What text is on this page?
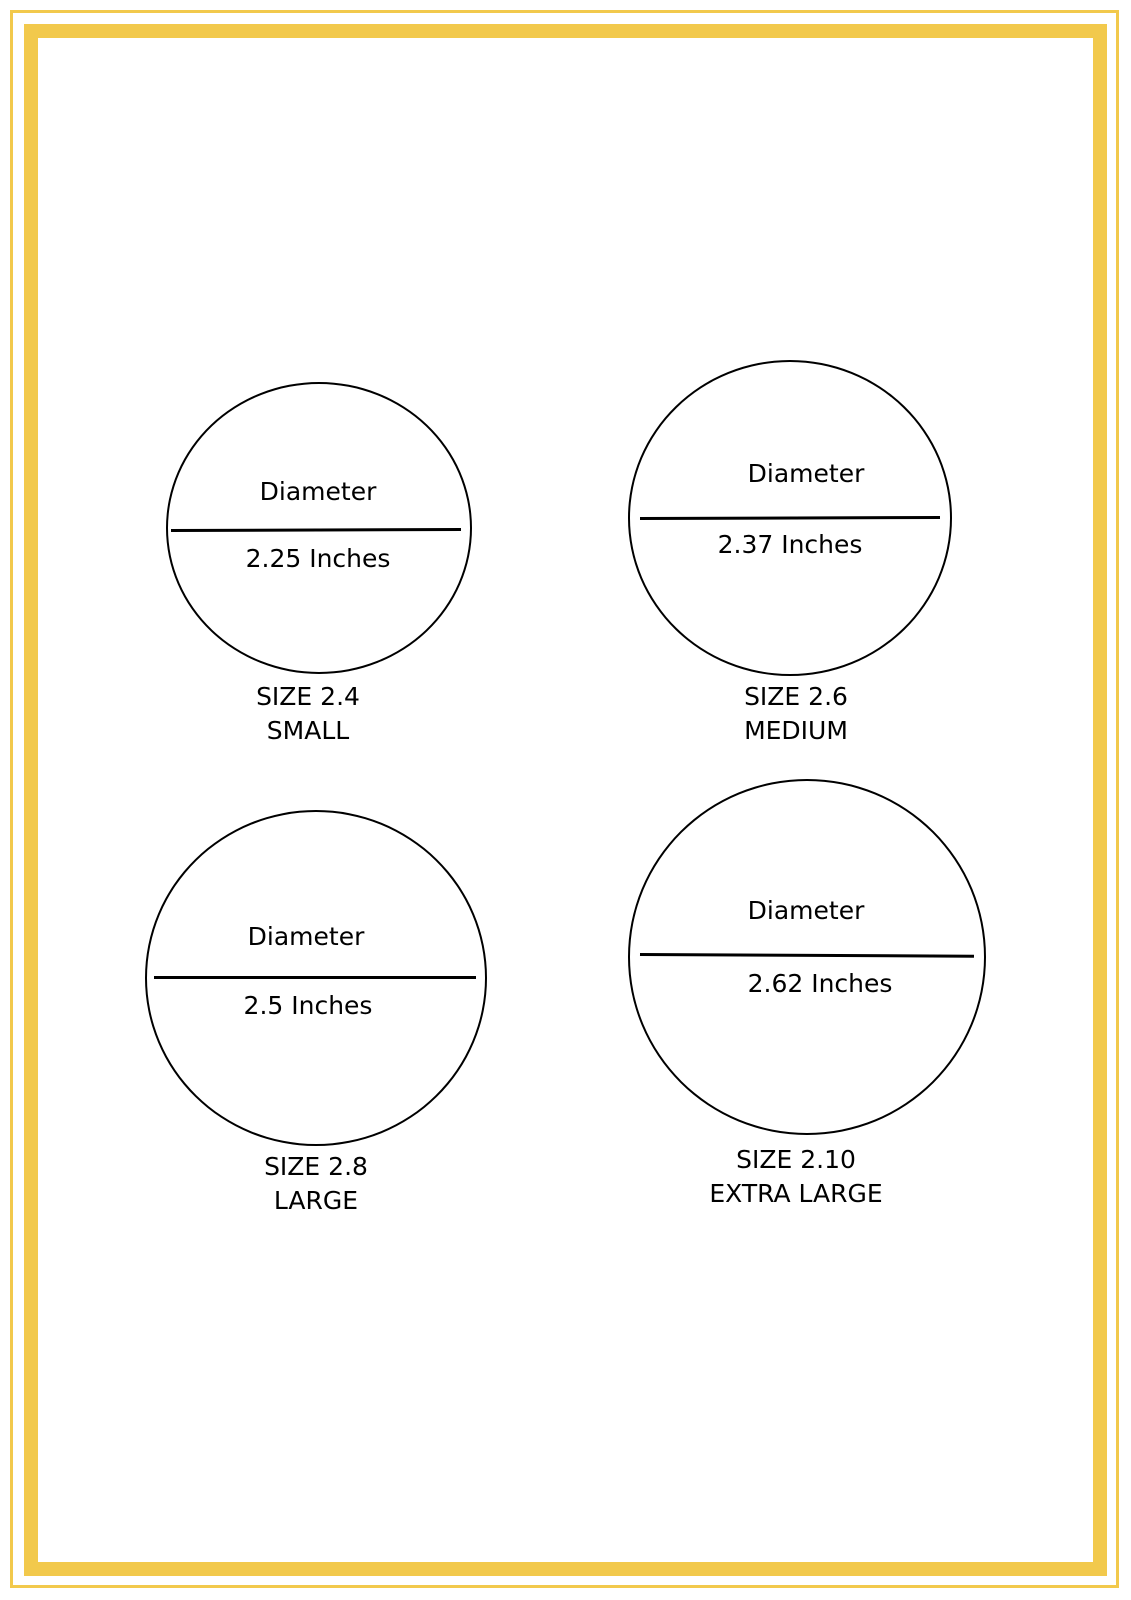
Diameter
2.25 Inches
SIZE 2.4
SMALL
Diameter
2.37 Inches
SIZE 2.6
MEDIUM
Diameter
2.5 Inches
SIZE 2.8
LARGE
Diameter
2.62 Inches
SIZE 2.10
EXTRA LARGE
